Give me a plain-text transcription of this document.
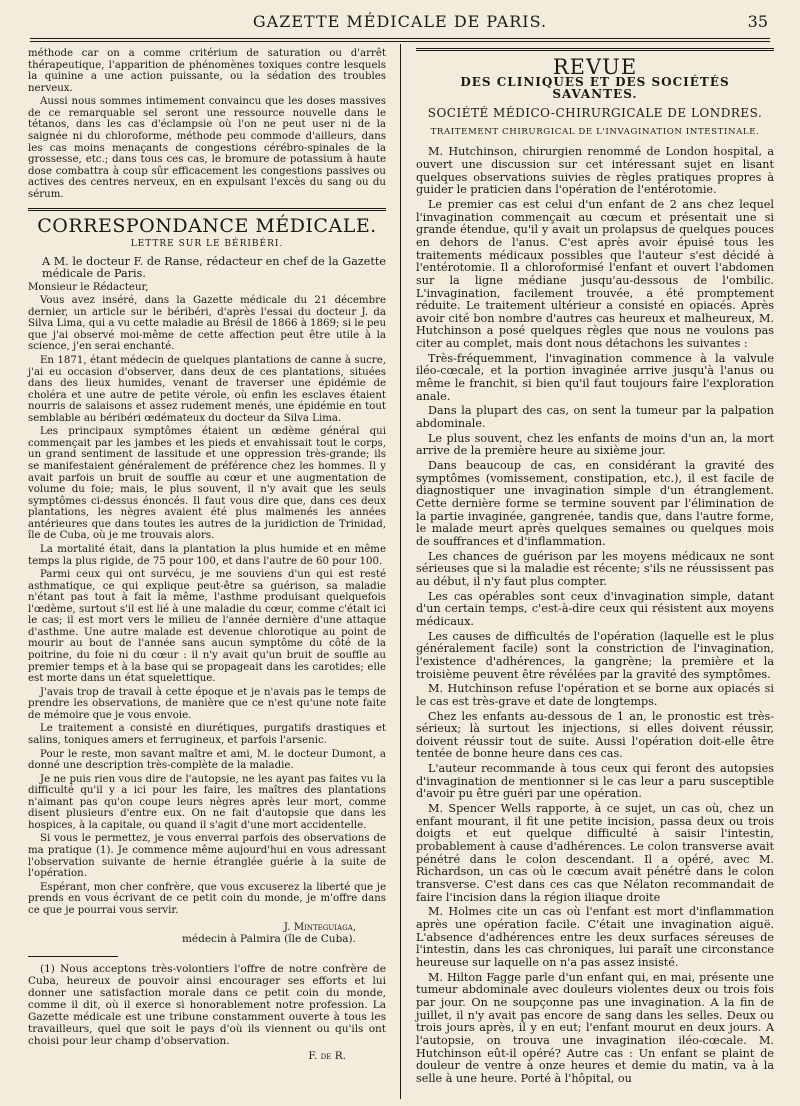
GAZETTE MÉDICALE DE PARIS.	35

méthode car on a comme critérium de saturation ou d'arrêt thérapeutique, l'apparition de phénomènes toxiques contre lesquels la quinine a une action puissante, ou la sédation des troubles nerveux.

Aussi nous sommes intimement convaincu que les doses massives de ce remarquable sel seront une ressource nouvelle dans le tétanos, dans les cas d'éclampsie où l'on ne peut user ni de la saignée ni du chloroforme, méthode peu commode d'ailleurs, dans les cas moins menaçants de congestions cérébro-spinales de la grossesse, etc.; dans tous ces cas, le bromure de potassium à haute dose combattra à coup sûr efficacement les congestions passives ou actives des centres nerveux, en en expulsant l'excès du sang ou du sérum.

CORRESPONDANCE MÉDICALE.
LETTRE SUR LE BÉRIBÉRI.

A M. le docteur F. de Ranse, rédacteur en chef de la Gazette médicale de Paris.

Monsieur le Rédacteur,

Vous avez inséré, dans la Gazette médicale du 21 décembre dernier, un article sur le béribéri, d'après l'essai du docteur J. da Silva Lima, qui a vu cette maladie au Brésil de 1866 à 1869; si le peu que j'ai observé moi-même de cette affection peut être utile à la science, j'en serai enchanté.

En 1871, étant médecin de quelques plantations de canne à sucre, j'ai eu occasion d'observer, dans deux de ces plantations, situées dans des lieux humides, venant de traverser une épidémie de choléra et une autre de petite vérole, où enfin les esclaves étaient nourris de salaisons et assez rudement menés, une épidémie en tout semblable au béribéri œdémateux du docteur da Silva Lima.

Les principaux symptômes étaient un œdème général qui commençait par les jambes et les pieds et envahissait tout le corps, un grand sentiment de lassitude et une oppression très-grande; ils se manifestaient généralement de préférence chez les hommes. Il y avait parfois un bruit de souffle au cœur et une augmentation de volume du foie; mais, le plus souvent, il n'y avait que les seuls symptômes ci-dessus énoncés. Il faut vous dire que, dans ces deux plantations, les nègres avaient été plus malmenés les années antérieures que dans toutes les autres de la juridiction de Trinidad, île de Cuba, où je me trouvais alors.

La mortalité était, dans la plantation la plus humide et en même temps la plus rigide, de 75 pour 100, et dans l'autre de 60 pour 100.

Parmi ceux qui ont survécu, je me souviens d'un qui est resté asthmatique, ce qui explique peut-être sa guérison, sa maladie n'étant pas tout à fait la même, l'asthme produisant quelquefois l'œdème, surtout s'il est lié à une maladie du cœur, comme c'était ici le cas; il est mort vers le milieu de l'année dernière d'une attaque d'asthme. Une autre malade est devenue chlorotique au point de mourir au bout de l'année sans aucun symptôme du côté de la poitrine, du foie ni du cœur : il n'y avait qu'un bruit de souffle au premier temps et à la base qui se propageait dans les carotides; elle est morte dans un état squelettique.

J'avais trop de travail à cette époque et je n'avais pas le temps de prendre les observations, de manière que ce n'est qu'une note faite de mémoire que je vous envoie.

Le traitement a consisté en diurétiques, purgatifs drastiques et salins, toniques amers et ferrugineux, et parfois l'arsenic.

Pour le reste, mon savant maître et ami, M. le docteur Dumont, a donné une description très-complète de la maladie.

Je ne puis rien vous dire de l'autopsie, ne les ayant pas faites vu la difficulté qu'il y a ici pour les faire, les maîtres des plantations n'aimant pas qu'on coupe leurs nègres après leur mort, comme disent plusieurs d'entre eux. On ne fait d'autopsie que dans les hospices, à la capitale, ou quand il s'agit d'une mort accidentelle.

Si vous le permettez, je vous enverrai parfois des observations de ma pratique (1). Je commence même aujourd'hui en vous adressant l'observation suivante de hernie étranglée guérie à la suite de l'opération.

Espérant, mon cher confrère, que vous excuserez la liberté que je prends en vous écrivant de ce petit coin du monde, je m'offre dans ce que je pourrai vous servir.

J. Minteguiaga,
médecin à Palmira (île de Cuba).

(1) Nous acceptons très-volontiers l'offre de notre confrère de Cuba, heureux de pouvoir ainsi encourager ses efforts et lui donner une satisfaction morale dans ce petit coin du monde, comme il dit, où il exerce si honorablement notre profession. La Gazette médicale est une tribune constamment ouverte à tous les travailleurs, quel que soit le pays d'où ils viennent ou qu'ils ont choisi pour leur champ d'observation.

F. de R.
REVUE
DES CLINIQUES ET DES SOCIÉTÉS SAVANTES.
SOCIÉTÉ MÉDICO-CHIRURGICALE DE LONDRES.
TRAITEMENT CHIRURGICAL DE L'INVAGINATION INTESTINALE.

M. Hutchinson, chirurgien renommé de London hospital, a ouvert une discussion sur cet intéressant sujet en lisant quelques observations suivies de règles pratiques propres à guider le praticien dans l'opération de l'entérotomie.

Le premier cas est celui d'un enfant de 2 ans chez lequel l'invagination commençait au cœcum et présentait une si grande étendue, qu'il y avait un prolapsus de quelques pouces en dehors de l'anus. C'est après avoir épuisé tous les traitements médicaux possibles que l'auteur s'est décidé à l'entérotomie. Il a chloroformisé l'enfant et ouvert l'abdomen sur la ligne médiane jusqu'au-dessous de l'ombilic. L'invagination, facilement trouvée, a été promptement réduite. Le traitement ultérieur a consisté en opiacés. Après avoir cité bon nombre d'autres cas heureux et malheureux, M. Hutchinson a posé quelques règles que nous ne voulons pas citer au complet, mais dont nous détachons les suivantes :

Très-fréquemment, l'invagination commence à la valvule iléo-cœcale, et la portion invaginée arrive jusqu'à l'anus ou même le franchit, si bien qu'il faut toujours faire l'exploration anale.

Dans la plupart des cas, on sent la tumeur par la palpation abdominale.

Le plus souvent, chez les enfants de moins d'un an, la mort arrive de la première heure au sixième jour.

Dans beaucoup de cas, en considérant la gravité des symptômes (vomissement, constipation, etc.), il est facile de diagnostiquer une invagination simple d'un étranglement. Cette dernière forme se termine souvent par l'élimination de la partie invaginée, gangrenée, tandis que, dans l'autre forme, le malade meurt après quelques semaines ou quelques mois de souffrances et d'inflammation.

Les chances de guérison par les moyens médicaux ne sont sérieuses que si la maladie est récente; s'ils ne réussissent pas au début, il n'y faut plus compter.

Les cas opérables sont ceux d'invagination simple, datant d'un certain temps, c'est-à-dire ceux qui résistent aux moyens médicaux.

Les causes de difficultés de l'opération (laquelle est le plus généralement facile) sont la constriction de l'invagination, l'existence d'adhérences, la gangrène; la première et la troisième peuvent être révélées par la gravité des symptômes.

M. Hutchinson refuse l'opération et se borne aux opiacés si le cas est très-grave et date de longtemps.

Chez les enfants au-dessous de 1 an, le pronostic est très-sérieux; là surtout les injections, si elles doivent réussir, doivent réussir tout de suite. Aussi l'opération doit-elle être tentée de bonne heure dans ces cas.

L'auteur recommande à tous ceux qui feront des autopsies d'invagination de mentionner si le cas leur a paru susceptible d'avoir pu être guéri par une opération.

M. Spencer Wells rapporte, à ce sujet, un cas où, chez un enfant mourant, il fit une petite incision, passa deux ou trois doigts et eut quelque difficulté à saisir l'intestin, probablement à cause d'adhérences. Le colon transverse avait pénétré dans le colon descendant. Il a opéré, avec M. Richardson, un cas où le cœcum avait pénétré dans le colon transverse. C'est dans ces cas que Nélaton recommandait de faire l'incision dans la région iliaque droite

M. Holmes cite un cas où l'enfant est mort d'inflammation après une opération facile. C'était une invagination aiguë. L'absence d'adhérences entre les deux surfaces séreuses de l'intestin, dans les cas chroniques, lui paraît une circonstance heureuse sur laquelle on n'a pas assez insisté.

M. Hilton Fagge parle d'un enfant qui, en mai, présente une tumeur abdominale avec douleurs violentes deux ou trois fois par jour. On ne soupçonne pas une invagination. A la fin de juillet, il n'y avait pas encore de sang dans les selles. Deux ou trois jours après, il y en eut; l'enfant mourut en deux jours. A l'autopsie, on trouva une invagination iléo-cœcale. M. Hutchinson eût-il opéré? Autre cas : Un enfant se plaint de douleur de ventre à onze heures et demie du matin, va à la selle à une heure. Porté à l'hôpital, ou
